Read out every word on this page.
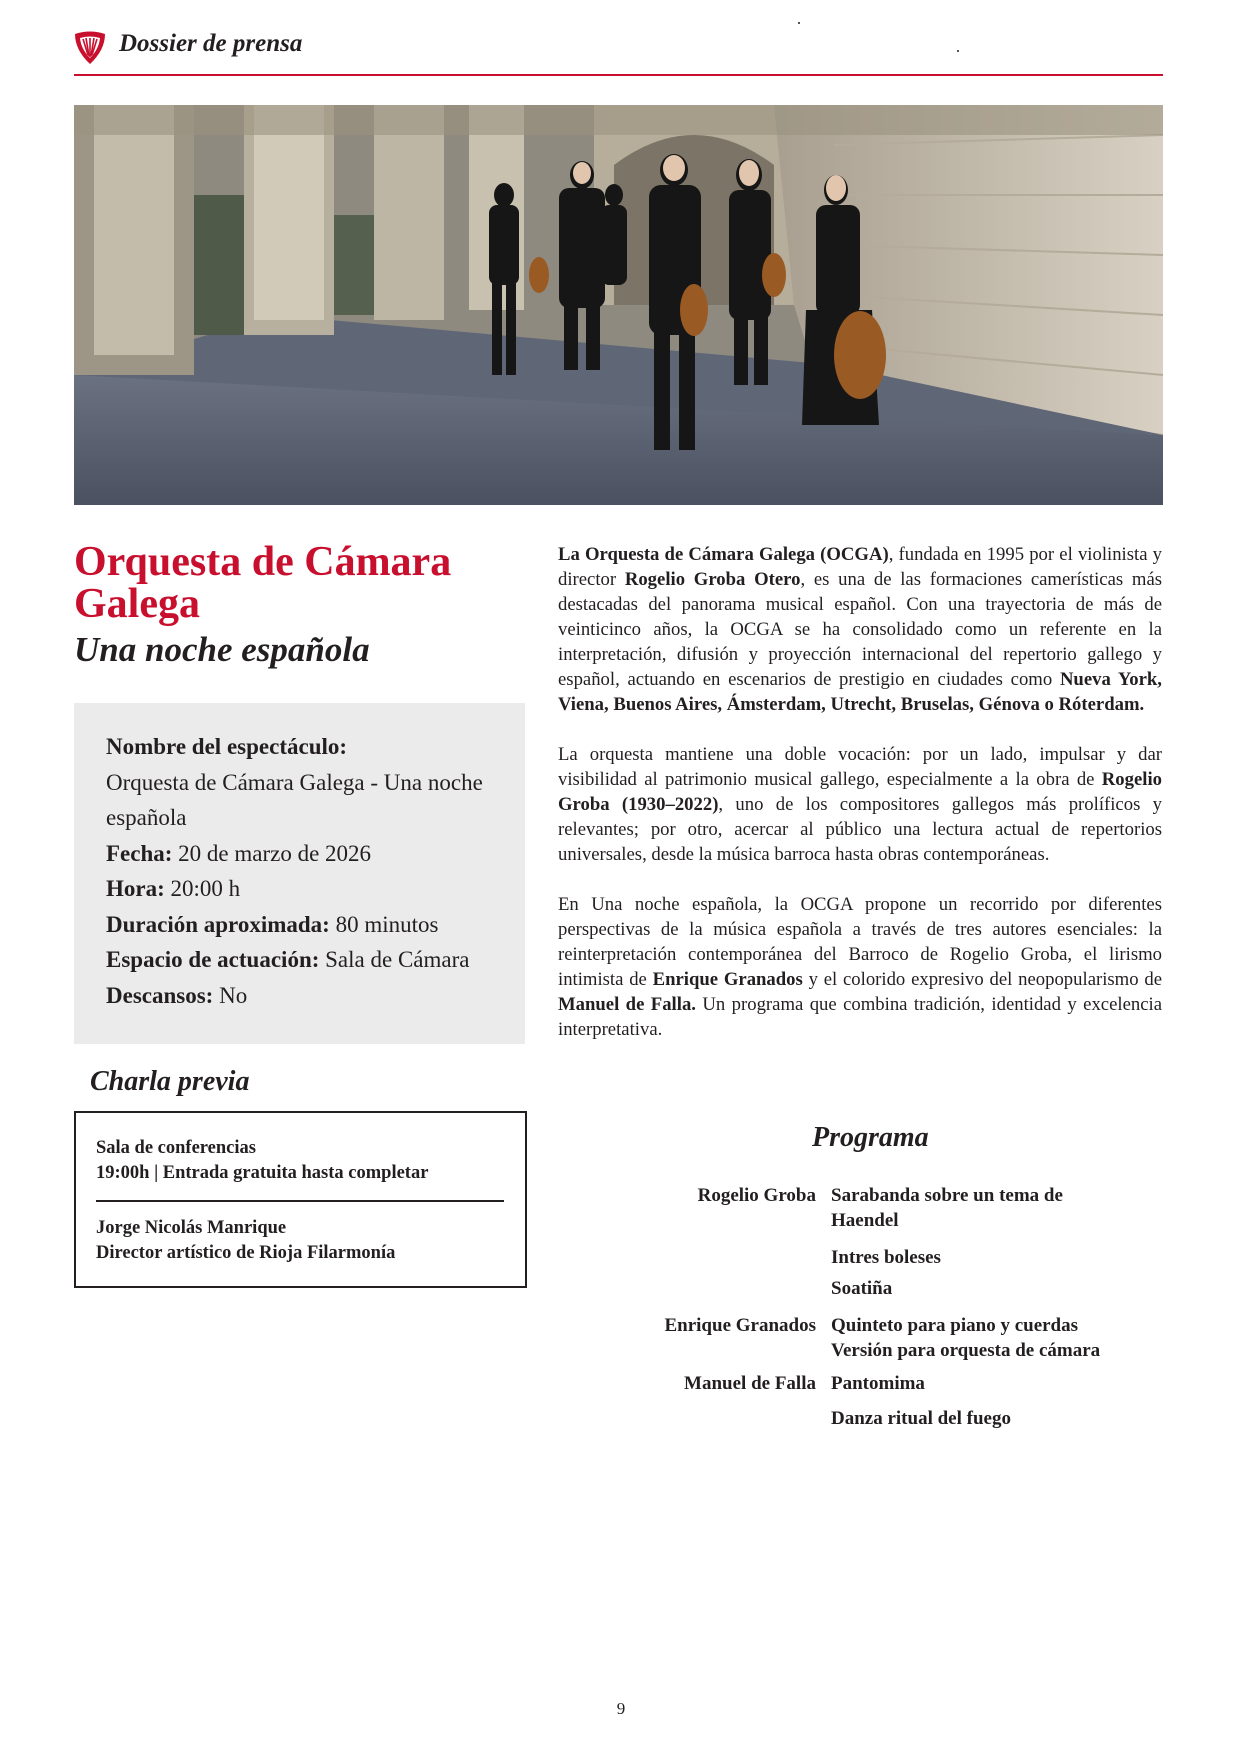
Dossier de prensa
Orquesta de Cámara Galega
Una noche española

Nombre del espectáculo:

Orquesta de Cámara Galega - Una noche española

Fecha: 20 de marzo de 2026

Hora: 20:00 h

Duración aproximada: 80 minutos

Espacio de actuación: Sala de Cámara

Descansos: No

Charla previa

Sala de conferencias

19:00h | Entrada gratuita hasta completar

Jorge Nicolás Manrique

Director artístico de Rioja Filarmonía

La Orquesta de Cámara Galega (OCGA), fundada en 1995 por el violinista y director Rogelio Groba Otero, es una de las formaciones camerísticas más destacadas del panorama musical español. Con una trayectoria de más de veinticinco años, la OCGA se ha consolidado como un referente en la interpretación, difusión y proyección internacional del repertorio gallego y español, actuando en escenarios de prestigio en ciudades como Nueva York, Viena, Buenos Aires, Ámsterdam, Utrecht, Bruselas, Génova o Róterdam.

La orquesta mantiene una doble vocación: por un lado, impulsar y dar visibilidad al patrimonio musical gallego, especialmente a la obra de Rogelio Groba (1930–2022), uno de los compositores gallegos más prolíficos y relevantes; por otro, acercar al público una lectura actual de repertorios universales, desde la música barroca hasta obras contemporáneas.

En Una noche española, la OCGA propone un recorrido por diferentes perspectivas de la música española a través de tres autores esenciales: la reinterpretación contemporánea del Barroco de Rogelio Groba, el lirismo intimista de Enrique Granados y el colorido expresivo del neopopularismo de Manuel de Falla. Un programa que combina tradición, identidad y excelencia interpretativa.

Programa
Rogelio Groba Sarabanda sobre un tema de Haendel
Intres boleses
Soatiña
Enrique Granados Quinteto para piano y cuerdas
Versión para orquesta de cámara
Manuel de Falla Pantomima
Danza ritual del fuego
9
